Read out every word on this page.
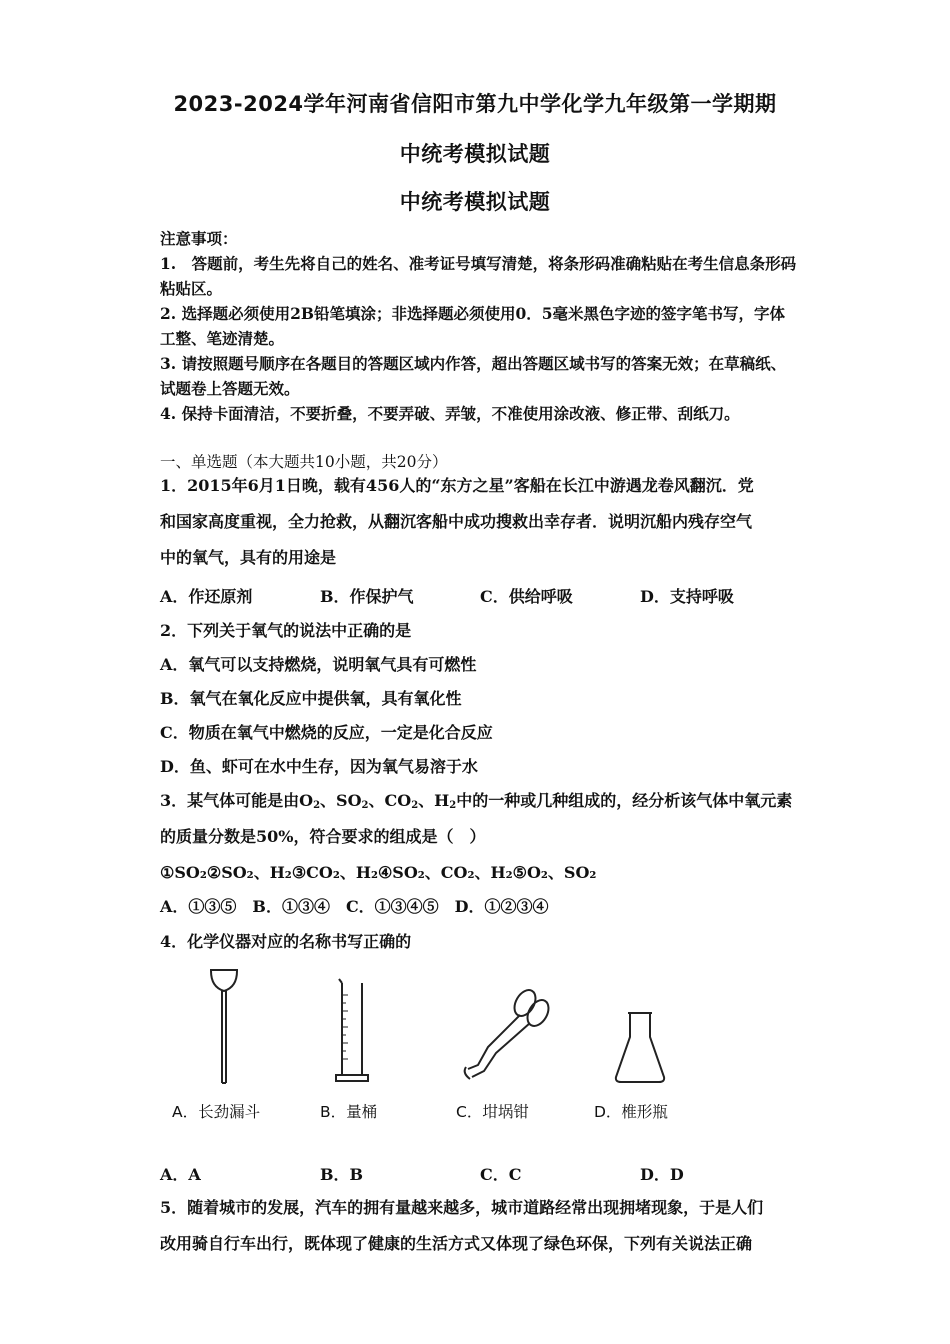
2023-2024学年河南省信阳市第九中学化学九年级第一学期期
中统考模拟试题
中统考模拟试题

注意事项：

1.　答题前，考生先将自己的姓名、准考证号填写清楚，将条形码准确粘贴在考生信息条形码粘贴区。

2. 选择题必须使用2B铅笔填涂；非选择题必须使用0．5毫米黑色字迹的签字笔书写，字体工整、笔迹清楚。

3. 请按照题号顺序在各题目的答题区域内作答，超出答题区域书写的答案无效；在草稿纸、试题卷上答题无效。

4. 保持卡面清洁，不要折叠，不要弄破、弄皱，不准使用涂改液、修正带、刮纸刀。

一、单选题（本大题共10小题，共20分）

1．2015年6月1日晚，载有456人的“东方之星”客船在长江中游遇龙卷风翻沉．党

和国家高度重视，全力抢救，从翻沉客船中成功搜救出幸存者．说明沉船内残存空气

中的氧气，具有的用途是

A．作还原剂	B．作保护气	C．供给呼吸	D．支持呼吸
2．下列关于氧气的说法中正确的是
A．氧气可以支持燃烧，说明氧气具有可燃性
B．氧气在氧化反应中提供氧，具有氧化性
C．物质在氧气中燃烧的反应，一定是化合反应
D．鱼、虾可在水中生存，因为氧气易溶于水
3．某气体可能是由$O_2$、$SO_2$、$CO_2$、$H_2$中的一种或几种组成的，经分析该气体中氧元素
的质量分数是50%，符合要求的组成是（　）
①SO₂②SO₂、H₂③CO₂、H₂④SO₂、CO₂、H₂⑤O₂、SO₂
A．①③⑤　B．①③④　C．①③④⑤　D．①②③④
4．化学仪器对应的名称书写正确的
A．长劲漏斗	B．量桶	C．坩埚钳	D．椎形瓶
A．A	B．B	C．C	D．D

5．随着城市的发展，汽车的拥有量越来越多，城市道路经常出现拥堵现象，于是人们

改用骑自行车出行，既体现了健康的生活方式又体现了绿色环保，下列有关说法正确
